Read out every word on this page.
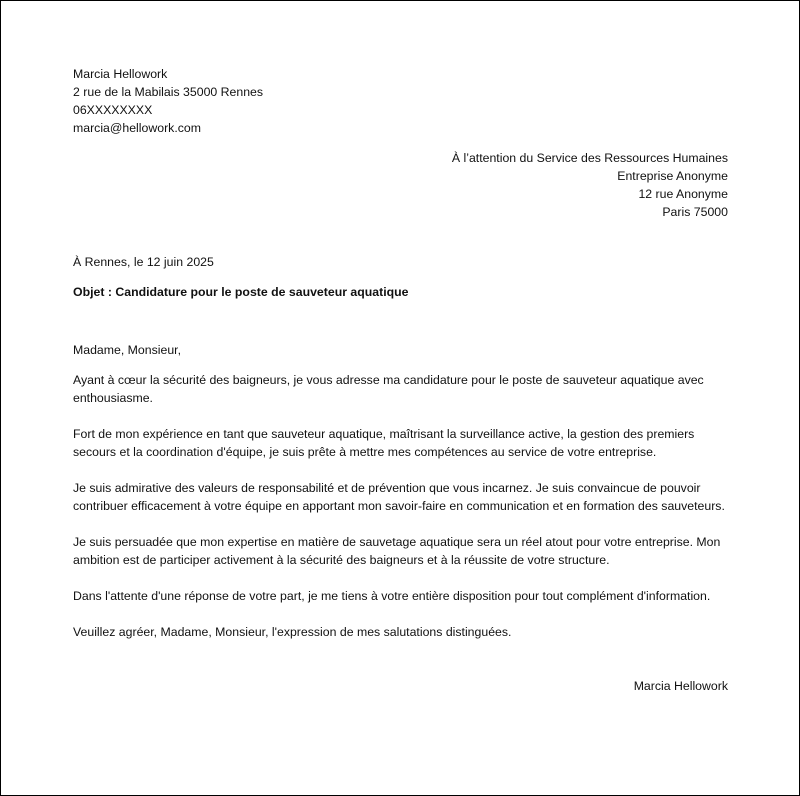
Marcia Hellowork
2 rue de la Mabilais 35000 Rennes
06XXXXXXXX
marcia@hellowork.com
À l’attention du Service des Ressources Humaines
Entreprise Anonyme
12 rue Anonyme
Paris 75000
À Rennes, le 12 juin 2025
Objet : Candidature pour le poste de sauveteur aquatique
Madame, Monsieur,

Ayant à cœur la sécurité des baigneurs, je vous adresse ma candidature pour le poste de sauveteur aquatique avec enthousiasme.

Fort de mon expérience en tant que sauveteur aquatique, maîtrisant la surveillance active, la gestion des premiers secours et la coordination d'équipe, je suis prête à mettre mes compétences au service de votre entreprise.

Je suis admirative des valeurs de responsabilité et de prévention que vous incarnez. Je suis convaincue de pouvoir contribuer efficacement à votre équipe en apportant mon savoir-faire en communication et en formation des sauveteurs.

Je suis persuadée que mon expertise en matière de sauvetage aquatique sera un réel atout pour votre entreprise. Mon ambition est de participer activement à la sécurité des baigneurs et à la réussite de votre structure.

Dans l'attente d'une réponse de votre part, je me tiens à votre entière disposition pour tout complément d'information.

Veuillez agréer, Madame, Monsieur, l'expression de mes salutations distinguées.

Marcia Hellowork
